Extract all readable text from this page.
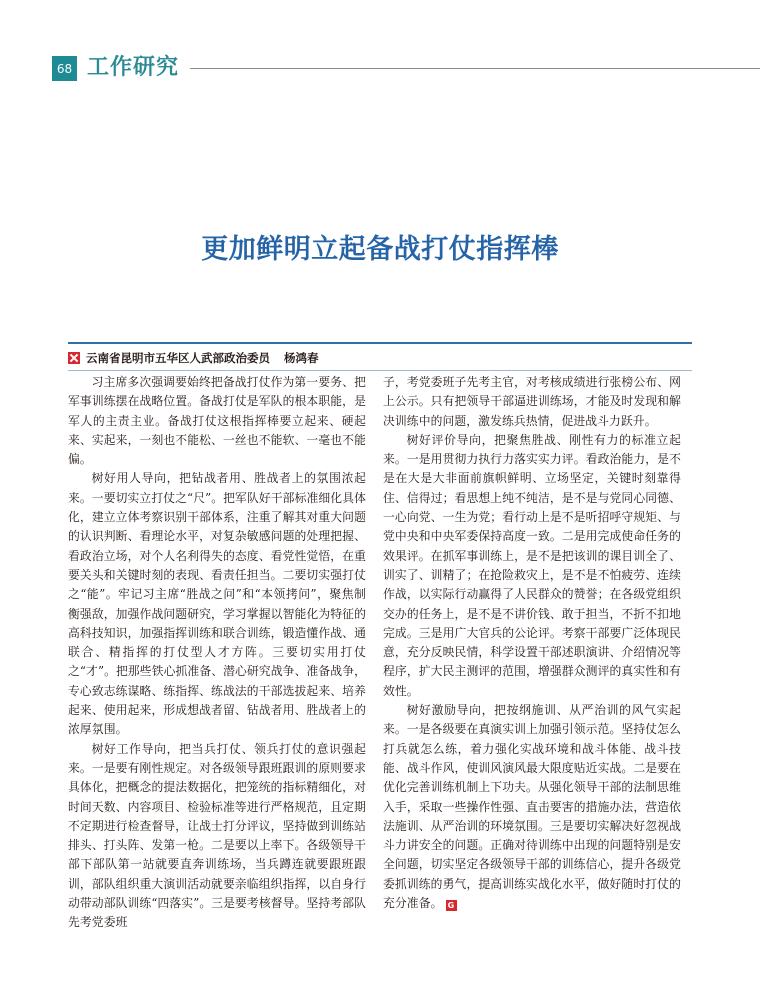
68 工作研究
更加鲜明立起备战打仗指挥棒
云南省昆明市五华区人武部政治委员 杨鸿春

习主席多次强调要始终把备战打仗作为第一要务、把军事训练摆在战略位置。备战打仗是军队的根本职能，是军人的主责主业。备战打仗这根指挥棒要立起来、硬起来、实起来，一刻也不能松、一丝也不能软、一毫也不能偏。

树好用人导向，把钻战者用、胜战者上的氛围浓起来。一要切实立打仗之“尺”。把军队好干部标准细化具体化，建立立体考察识别干部体系，注重了解其对重大问题的认识判断、看理论水平，对复杂敏感问题的处理把握、看政治立场，对个人名利得失的态度、看党性觉悟，在重要关头和关键时刻的表现、看责任担当。二要切实强打仗之“能”。牢记习主席“胜战之问”和“本领拷问”，聚焦制衡强敌，加强作战问题研究，学习掌握以智能化为特征的高科技知识，加强指挥训练和联合训练，锻造懂作战、通联合、精指挥的打仗型人才方阵。三要切实用打仗之“才”。把那些铁心抓准备、潜心研究战争、准备战争，专心致志练谋略、练指挥、练战法的干部选拔起来、培养起来、使用起来，形成想战者留、钻战者用、胜战者上的浓厚氛围。

树好工作导向，把当兵打仗、领兵打仗的意识强起来。一是要有刚性规定。对各级领导跟班跟训的原则要求具体化，把概念的提法数据化，把笼统的指标精细化，对时间天数、内容项目、检验标准等进行严格规范，且定期不定期进行检查督导，让战士打分评议，坚持做到训练站排头、打头阵、发第一枪。二是要以上率下。各级领导干部下部队第一站就要直奔训练场，当兵蹲连就要跟班跟训，部队组织重大演训活动就要亲临组织指挥，以自身行动带动部队训练“四落实”。三是要考核督导。坚持考部队先考党委班

子，考党委班子先考主官，对考核成绩进行张榜公布、网上公示。只有把领导干部逼进训练场，才能及时发现和解决训练中的问题，激发练兵热情，促进战斗力跃升。

树好评价导向，把聚焦胜战、刚性有力的标准立起来。一是用贯彻力执行力落实实力评。看政治能力，是不是在大是大非面前旗帜鲜明、立场坚定，关键时刻靠得住、信得过；看思想上纯不纯洁，是不是与党同心同德、一心向党、一生为党；看行动上是不是听招呼守规矩、与党中央和中央军委保持高度一致。二是用完成使命任务的效果评。在抓军事训练上，是不是把该训的课目训全了、训实了、训精了；在抢险救灾上，是不是不怕疲劳、连续作战，以实际行动赢得了人民群众的赞誉；在各级党组织交办的任务上，是不是不讲价钱、敢于担当，不折不扣地完成。三是用广大官兵的公论评。考察干部要广泛体现民意，充分反映民情，科学设置干部述职演讲、介绍情况等程序，扩大民主测评的范围，增强群众测评的真实性和有效性。

树好激励导向，把按纲施训、从严治训的风气实起来。一是各级要在真演实训上加强引领示范。坚持仗怎么打兵就怎么练，着力强化实战环境和战斗体能、战斗技能、战斗作风，使训风演风最大限度贴近实战。二是要在优化完善训练机制上下功夫。从强化领导干部的法制思维入手，采取一些操作性强、直击要害的措施办法，营造依法施训、从严治训的环境氛围。三是要切实解决好忽视战斗力讲安全的问题。正确对待训练中出现的问题特别是安全问题，切实坚定各级领导干部的训练信心，提升各级党委抓训练的勇气，提高训练实战化水平，做好随时打仗的充分准备。 G
